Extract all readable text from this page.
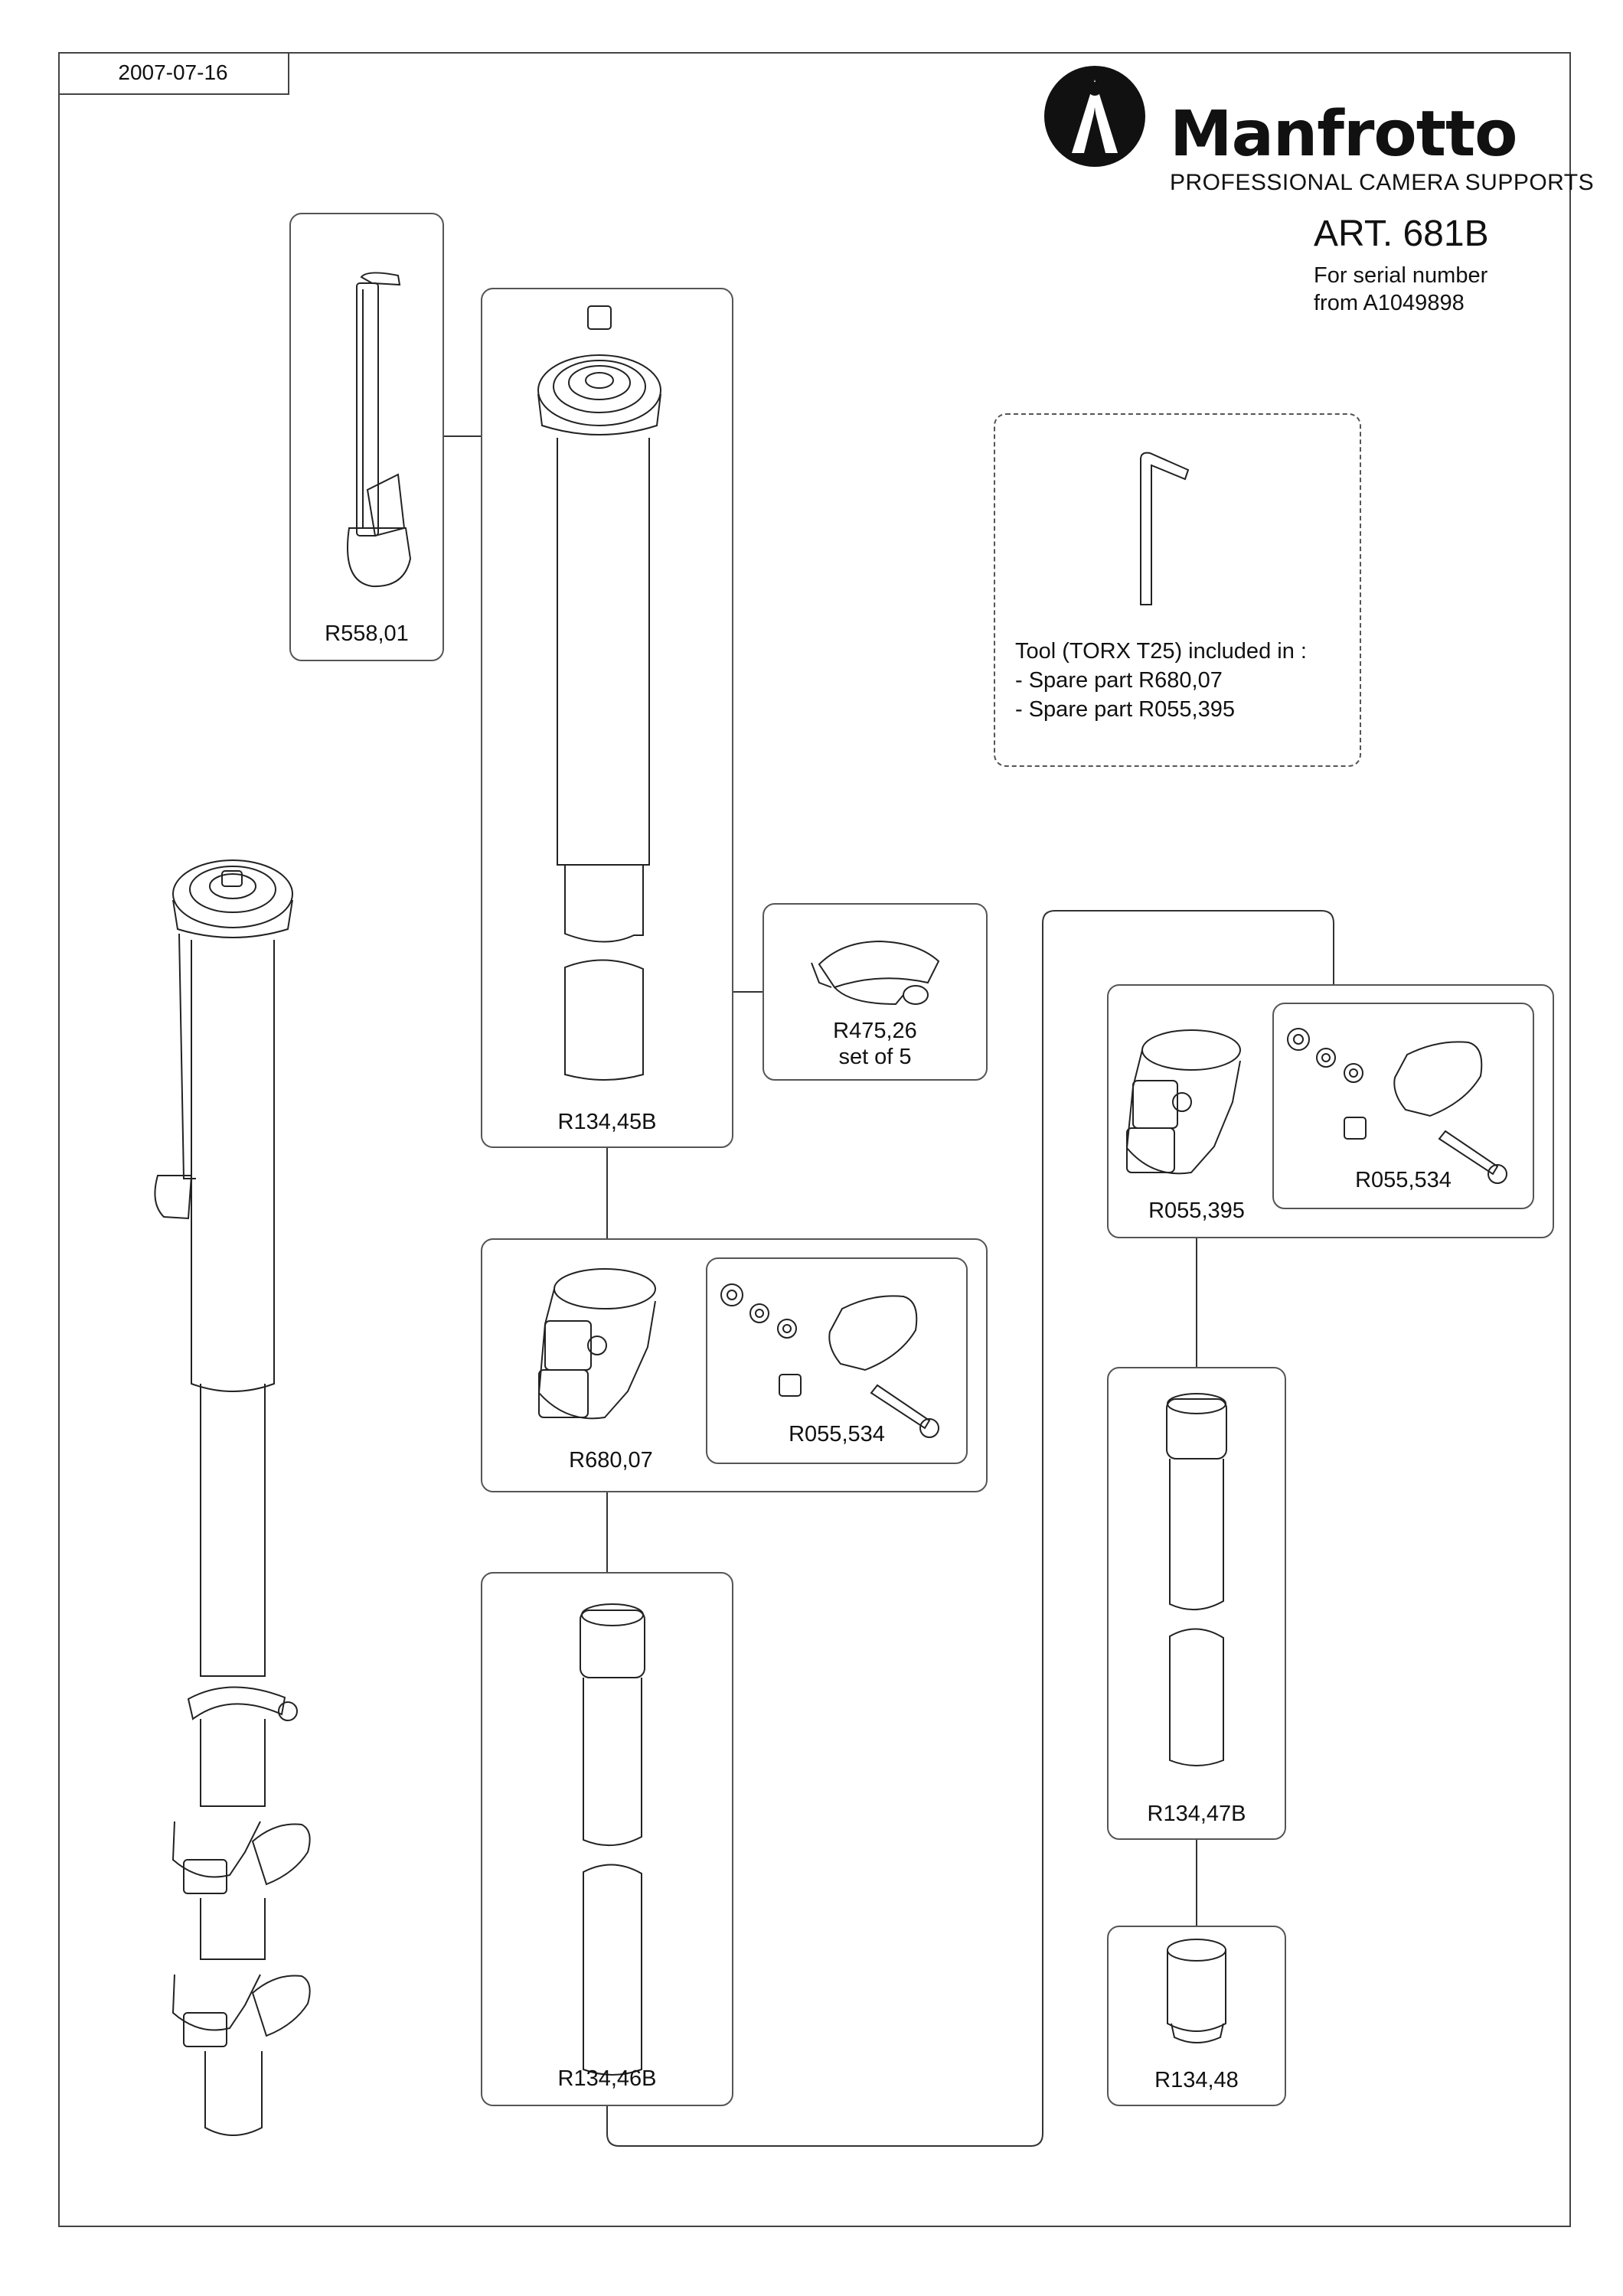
2007-07-16
Manfrotto
PROFESSIONAL CAMERA SUPPORTS
ART. 681B
For serial number
from A1049898
R558,01
R134,45B
R475,26
set of 5
Tool (TORX T25) included in :
- Spare part R680,07
- Spare part R055,395
R680,07
R055,534
R055,395
R055,534
R134,46B
R134,47B
R134,48
